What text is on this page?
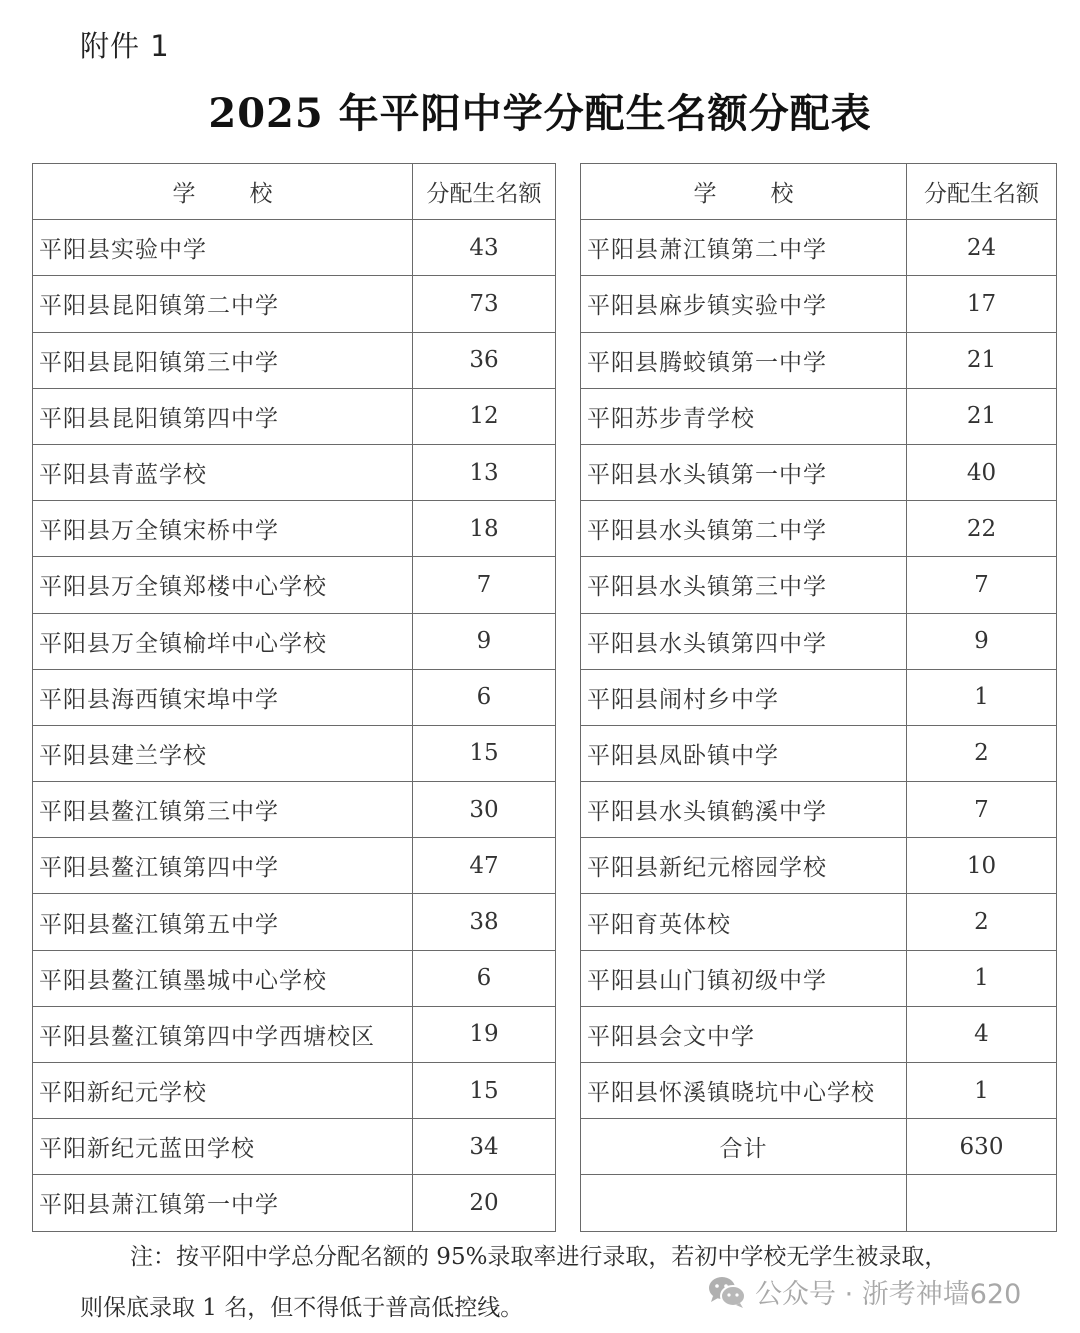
附件 1
2025 年平阳中学分配生名额分配表
学 校	分配生名额
平阳县实验中学	43
平阳县昆阳镇第二中学	73
平阳县昆阳镇第三中学	36
平阳县昆阳镇第四中学	12
平阳县青蓝学校	13
平阳县万全镇宋桥中学	18
平阳县万全镇郑楼中心学校	7
平阳县万全镇榆垟中心学校	9
平阳县海西镇宋埠中学	6
平阳县建兰学校	15
平阳县鳌江镇第三中学	30
平阳县鳌江镇第四中学	47
平阳县鳌江镇第五中学	38
平阳县鳌江镇墨城中心学校	6
平阳县鳌江镇第四中学西塘校区	19
平阳新纪元学校	15
平阳新纪元蓝田学校	34
平阳县萧江镇第一中学	20
学 校	分配生名额
平阳县萧江镇第二中学	24
平阳县麻步镇实验中学	17
平阳县腾蛟镇第一中学	21
平阳苏步青学校	21
平阳县水头镇第一中学	40
平阳县水头镇第二中学	22
平阳县水头镇第三中学	7
平阳县水头镇第四中学	9
平阳县闹村乡中学	1
平阳县凤卧镇中学	2
平阳县水头镇鹤溪中学	7
平阳县新纪元榕园学校	10
平阳育英体校	2
平阳县山门镇初级中学	1
平阳县会文中学	4
平阳县怀溪镇晓坑中心学校	1
合计	630

注：按平阳中学总分配名额的 95%录取率进行录取，若初中学校无学生被录取，
则保底录取 1 名，但不得低于普高低控线。	公众号 · 浙考神墙620
